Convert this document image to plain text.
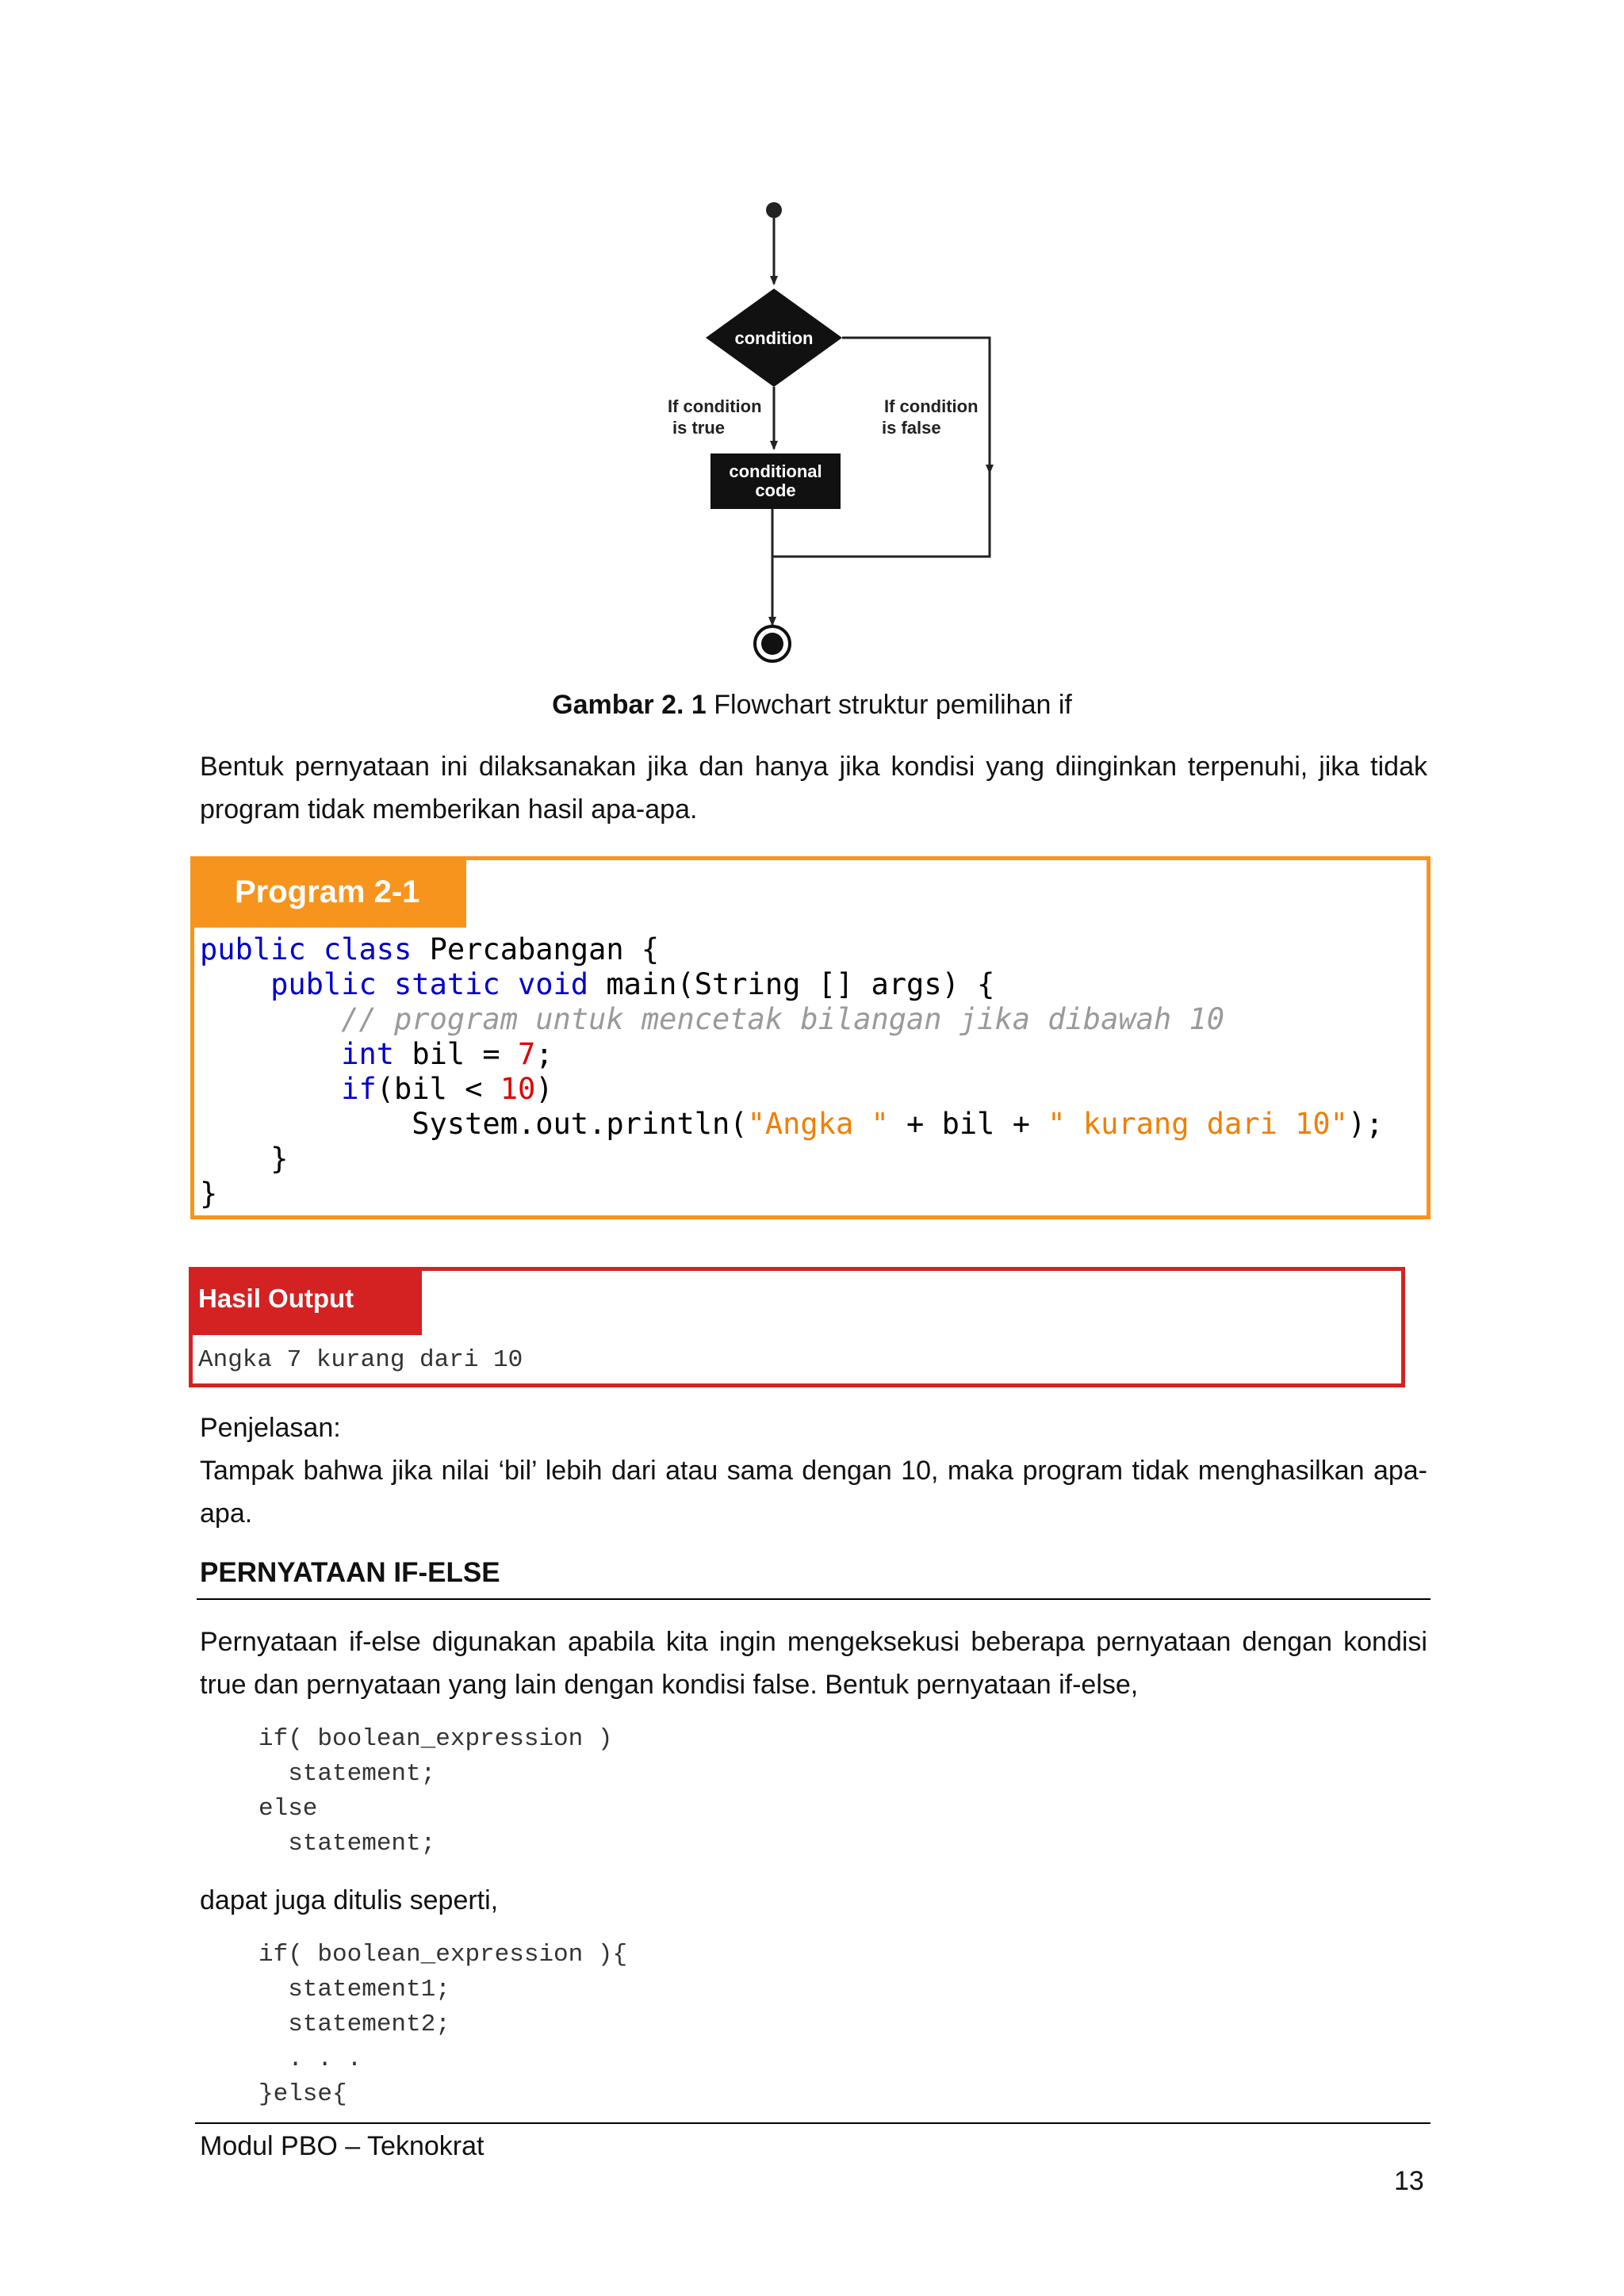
condition
If condition
is true
If condition
is false
conditional
code
Gambar 2. 1 Flowchart struktur pemilihan if
Bentuk pernyataan ini dilaksanakan jika dan hanya jika kondisi yang diinginkan terpenuhi, jika tidak
program tidak memberikan hasil apa-apa.
Program 2-1
public class Percabangan {
public static void main(String [] args) {
// program untuk mencetak bilangan jika dibawah 10
int bil = 7;
if(bil < 10)
System.out.println("Angka " + bil + " kurang dari 10");
}
}
Hasil Output
Angka 7 kurang dari 10
Penjelasan:
Tampak bahwa jika nilai ‘bil’ lebih dari atau sama dengan 10, maka program tidak menghasilkan apa-
apa.
PERNYATAAN IF-ELSE
Pernyataan if-else digunakan apabila kita ingin mengeksekusi beberapa pernyataan dengan kondisi
true dan pernyataan yang lain dengan kondisi false. Bentuk pernyataan if-else,
if( boolean_expression )
statement;
else
statement;
dapat juga ditulis seperti,
if( boolean_expression ){
statement1;
statement2;
. . .
}else{
Modul PBO – Teknokrat
13
